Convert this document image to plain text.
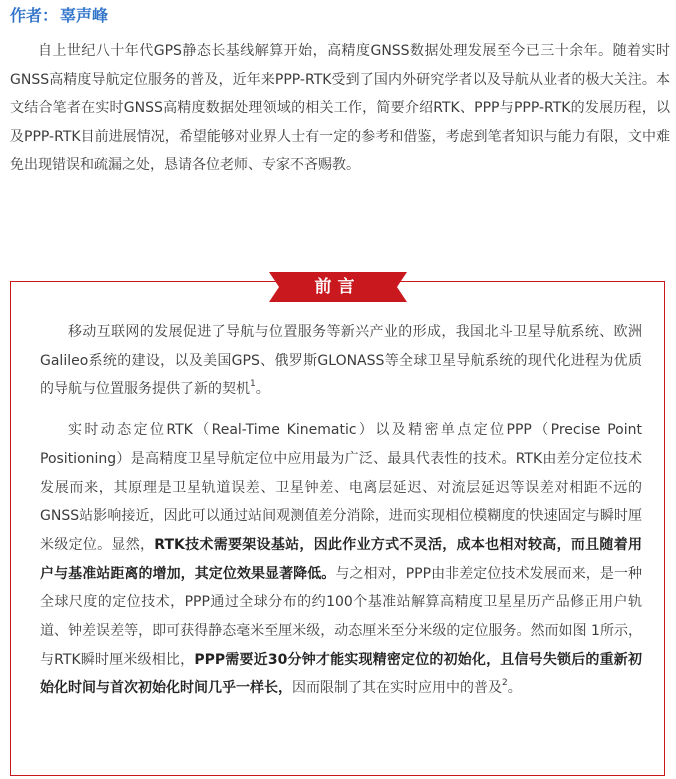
作者： 辜声峰

自上世纪八十年代GPS静态长基线解算开始，高精度GNSS数据处理发展至今已三十余年。随着实时GNSS高精度导航定位服务的普及，近年来PPP-RTK受到了国内外研究学者以及导航从业者的极大关注。本文结合笔者在实时GNSS高精度数据处理领域的相关工作，简要介绍RTK、PPP与PPP-RTK的发展历程，以及PPP-RTK目前进展情况，希望能够对业界人士有一定的参考和借鉴，考虑到笔者知识与能力有限，文中难免出现错误和疏漏之处，恳请各位老师、专家不吝赐教。

前言

移动互联网的发展促进了导航与位置服务等新兴产业的形成，我国北斗卫星导航系统、欧洲Galileo系统的建设，以及美国GPS、俄罗斯GLONASS等全球卫星导航系统的现代化进程为优质的导航与位置服务提供了新的契机$^1$。

实时动态定位RTK（Real-Time Kinematic）以及精密单点定位PPP（Precise Point Positioning）是高精度卫星导航定位中应用最为广泛、最具代表性的技术。RTK由差分定位技术发展而来，其原理是卫星轨道误差、卫星钟差、电离层延迟、对流层延迟等误差对相距不远的GNSS站影响接近，因此可以通过站间观测值差分消除，进而实现相位模糊度的快速固定与瞬时厘米级定位。显然，RTK技术需要架设基站，因此作业方式不灵活，成本也相对较高，而且随着用户与基准站距离的增加，其定位效果显著降低。与之相对，PPP由非差定位技术发展而来，是一种全球尺度的定位技术，PPP通过全球分布的约100个基准站解算高精度卫星星历产品修正用户轨道、钟差误差等，即可获得静态毫米至厘米级，动态厘米至分米级的定位服务。然而如图 1所示，与RTK瞬时厘米级相比，PPP需要近30分钟才能实现精密定位的初始化，且信号失锁后的重新初始化时间与首次初始化时间几乎一样长，因而限制了其在实时应用中的普及$^2$。
